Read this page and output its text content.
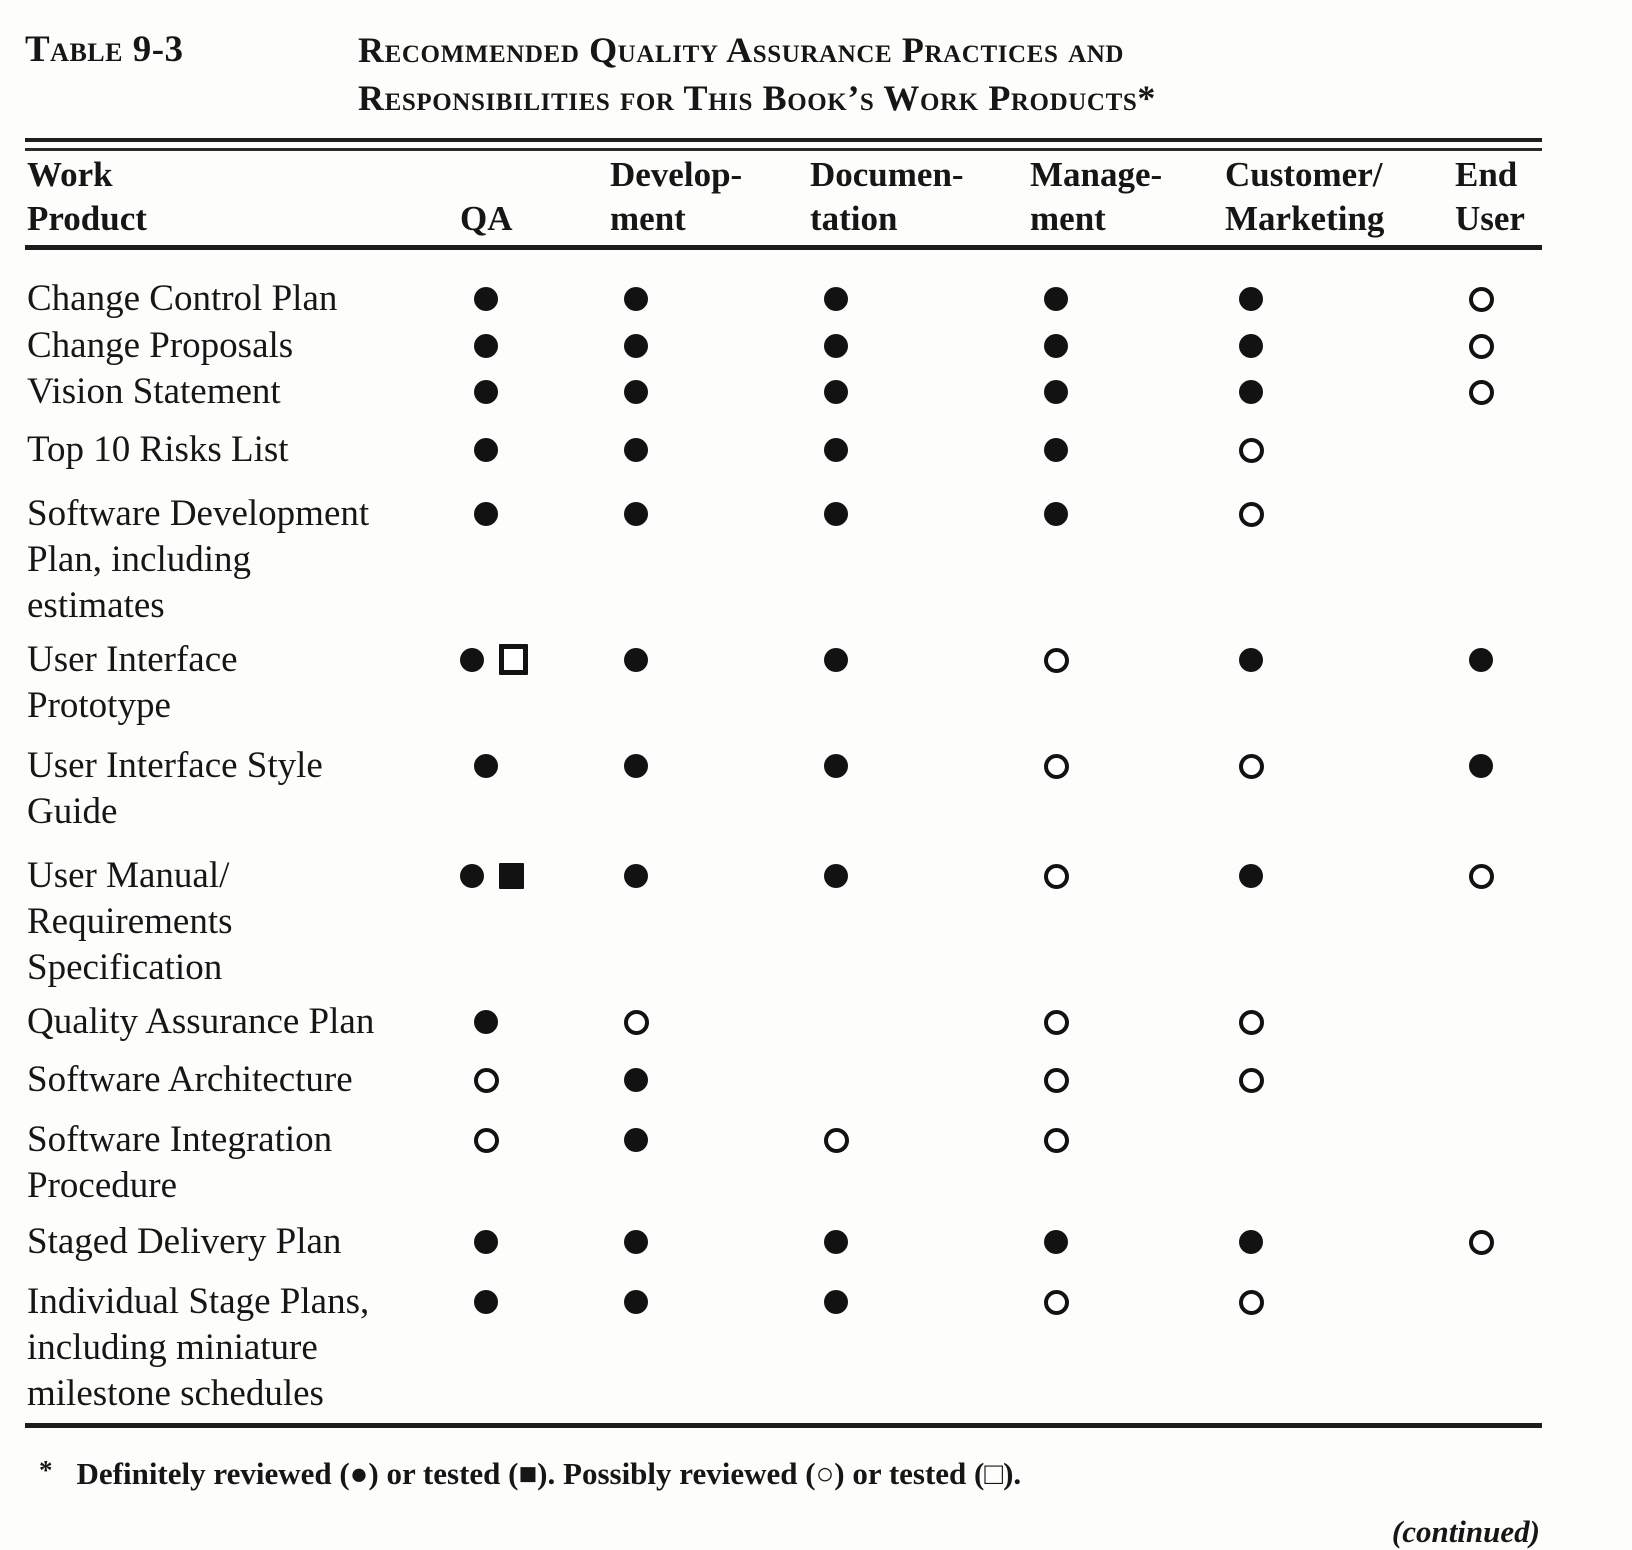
Table 9-3	Recommended Quality Assurance Practices and
Responsibilities for This Book’s Work Products*
Work
Product	QA
Develop-
ment
Documen-
tation
Manage-
ment
Customer/
Marketing
End
User
Change Control Plan
Change Proposals
Vision Statement
Top 10 Risks List
Software Development
Plan, including
estimates
User Interface
Prototype
User Interface Style
Guide
User Manual/
Requirements
Specification
Quality Assurance Plan
Software Architecture
Software Integration
Procedure
Staged Delivery Plan
Individual Stage Plans,
including miniature
milestone schedules
* Definitely reviewed (●) or tested (■). Possibly reviewed (○) or tested (□).
(continued)
